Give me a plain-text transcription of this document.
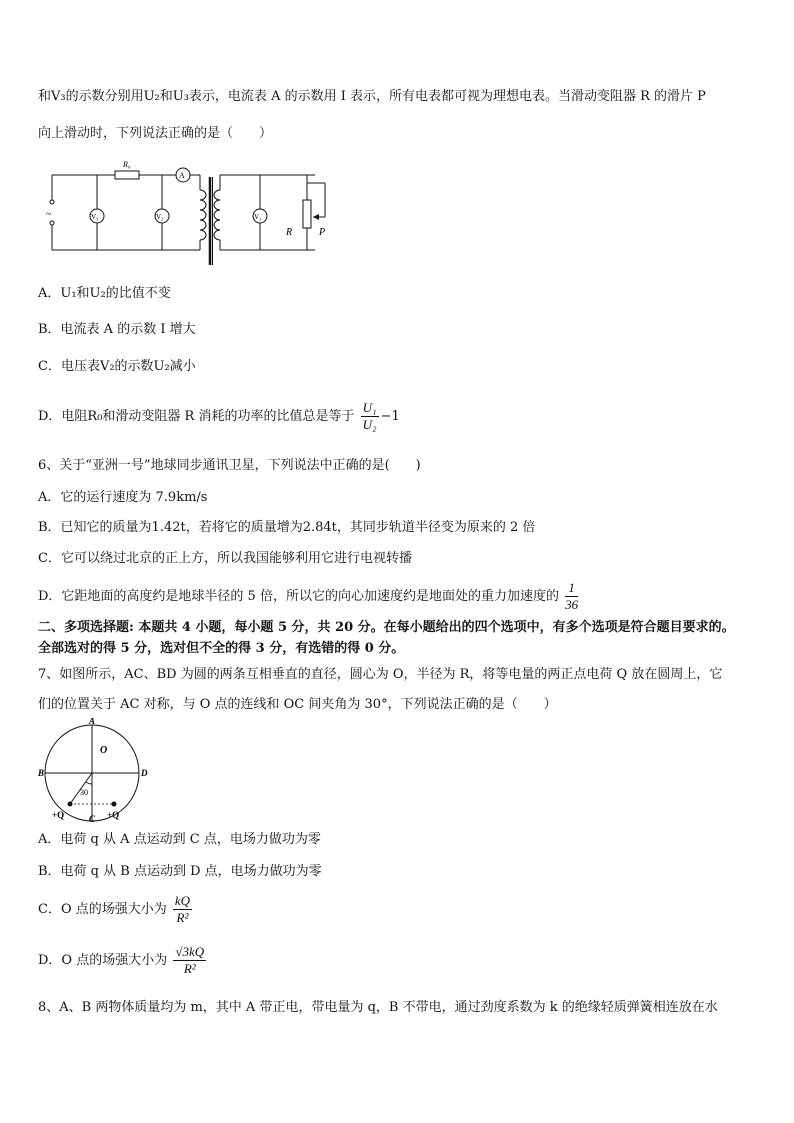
和V₃的示数分别用U₂和U₃表示，电流表 A 的示数用 I 表示，所有电表都可视为理想电表。当滑动变阻器 R 的滑片 P
向上滑动时，下列说法正确的是（　　）
~
R₀
A
V₃	V₂	V₁
R	P
A．U₁和U₂的比值不变
B．电流表 A 的示数 I 增大
C．电压表V₂的示数U₂减小
D．电阻R₀和滑动变阻器 R 消耗的功率的比值总是等于 $\frac{\text{U₁}}{\text{U₂}} -1$
6、关于“亚洲一号”地球同步通讯卫星，下列说法中正确的是(　　)
A．它的运行速度为 7.9km/s
B．已知它的质量为1.42t，若将它的质量增为2.84t，其同步轨道半径变为原来的 2 倍
C．它可以绕过北京的正上方，所以我国能够利用它进行电视转播
D．它距地面的高度约是地球半径的 5 倍，所以它的向心加速度约是地面处的重力加速度的 $\frac{1}{36}$
二、多项选择题: 本题共 4 小题，每小题 5 分，共 20 分。在每小题给出的四个选项中，有多个选项是符合题目要求的。
全部选对的得 5 分，选对但不全的得 3 分，有选错的得 0 分。
7、如图所示，AC、BD 为圆的两条互相垂直的直径，圆心为 O，半径为 R，将等电量的两正点电荷 Q 放在圆周上，它
们的位置关于 AC 对称，与 O 点的连线和 OC 间夹角为 30°，下列说法正确的是（　　）
A
B	D
C
O
30
+Q	+Q
A．电荷 q 从 A 点运动到 C 点，电场力做功为零
B．电荷 q 从 B 点运动到 D 点，电场力做功为零
C．O 点的场强大小为 $\frac{kQ}{\text{R²}}$
D．O 点的场强大小为 $\frac{√3kQ}{\text{R²}}$
8、A、B 两物体质量均为 m，其中 A 带正电，带电量为 q，B 不带电，通过劲度系数为 k 的绝缘轻质弹簧相连放在水
